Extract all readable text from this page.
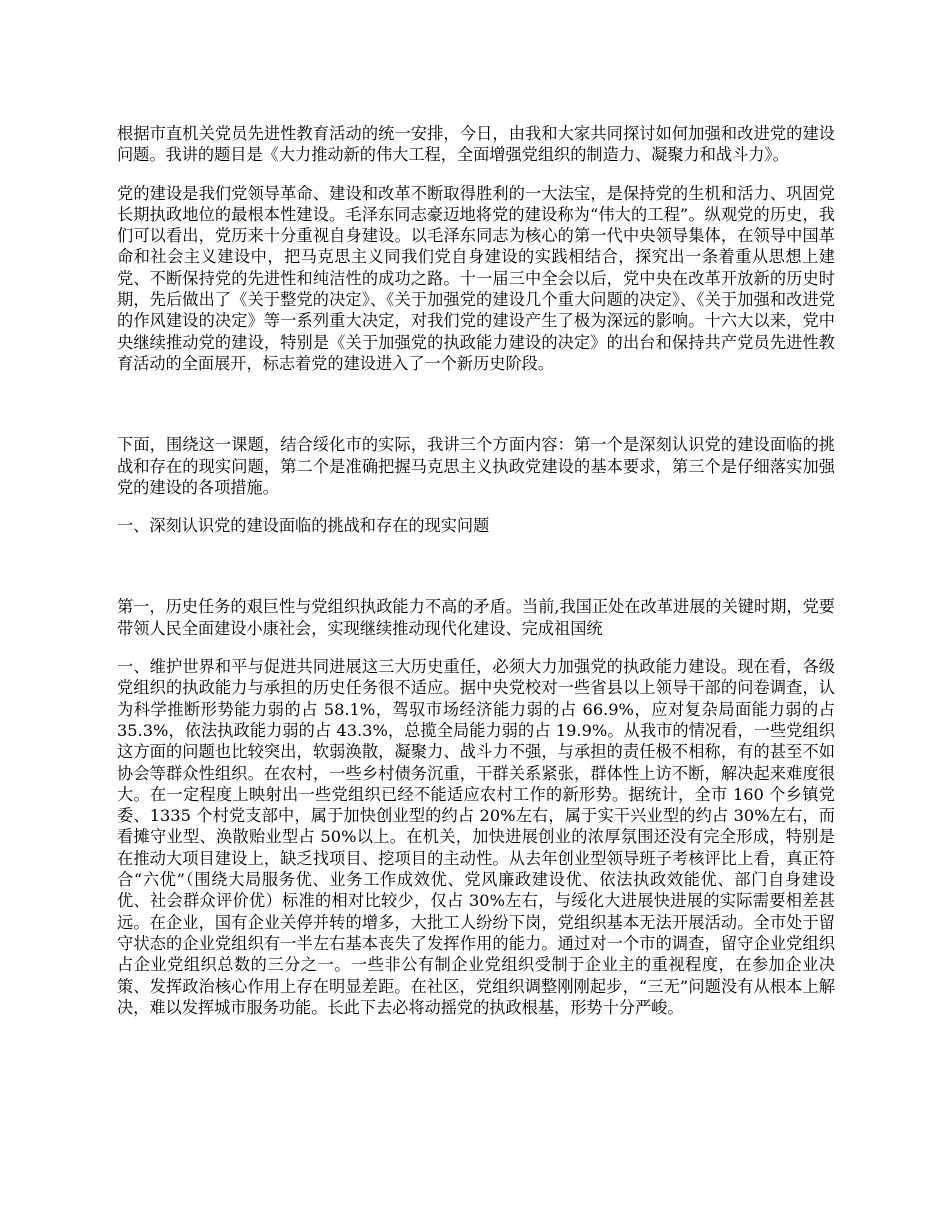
根据市直机关党员先进性教育活动的统一安排，今日，由我和大家共同探讨如何加强和改进党的建设问题。我讲的题目是《大力推动新的伟大工程，全面增强党组织的制造力、凝聚力和战斗力》。

党的建设是我们党领导革命、建设和改革不断取得胜利的一大法宝，是保持党的生机和活力、巩固党长期执政地位的最根本性建设。毛泽东同志豪迈地将党的建设称为“伟大的工程”。纵观党的历史，我们可以看出，党历来十分重视自身建设。以毛泽东同志为核心的第一代中央领导集体，在领导中国革命和社会主义建设中，把马克思主义同我们党自身建设的实践相结合，探究出一条着重从思想上建党、不断保持党的先进性和纯洁性的成功之路。十一届三中全会以后，党中央在改革开放新的历史时期，先后做出了《关于整党的决定》、《关于加强党的建设几个重大问题的决定》、《关于加强和改进党的作风建设的决定》等一系列重大决定，对我们党的建设产生了极为深远的影响。十六大以来，党中央继续推动党的建设，特别是《关于加强党的执政能力建设的决定》的出台和保持共产党员先进性教育活动的全面展开，标志着党的建设进入了一个新历史阶段。

下面，围绕这一课题，结合绥化市的实际，我讲三个方面内容：第一个是深刻认识党的建设面临的挑战和存在的现实问题，第二个是准确把握马克思主义执政党建设的基本要求，第三个是仔细落实加强党的建设的各项措施。

一、深刻认识党的建设面临的挑战和存在的现实问题

第一，历史任务的艰巨性与党组织执政能力不高的矛盾。当前,我国正处在改革进展的关键时期，党要带领人民全面建设小康社会，实现继续推动现代化建设、完成祖国统

一、维护世界和平与促进共同进展这三大历史重任，必须大力加强党的执政能力建设。现在看，各级党组织的执政能力与承担的历史任务很不适应。据中央党校对一些省县以上领导干部的问卷调查，认为科学推断形势能力弱的占 58.1%，驾驭市场经济能力弱的占 66.9%，应对复杂局面能力弱的占 35.3%，依法执政能力弱的占 43.3%，总揽全局能力弱的占 19.9%。从我市的情况看，一些党组织这方面的问题也比较突出，软弱涣散，凝聚力、战斗力不强，与承担的责任极不相称，有的甚至不如协会等群众性组织。在农村，一些乡村债务沉重，干群关系紧张，群体性上访不断，解决起来难度很大。在一定程度上映射出一些党组织已经不能适应农村工作的新形势。据统计，全市 160 个乡镇党委、1335 个村党支部中，属于加快创业型的约占 20%左右，属于实干兴业型的约占 30%左右，而看摊守业型、涣散贻业型占 50%以上。在机关，加快进展创业的浓厚氛围还没有完全形成，特别是在推动大项目建设上，缺乏找项目、挖项目的主动性。从去年创业型领导班子考核评比上看，真正符合“六优”（围绕大局服务优、业务工作成效优、党风廉政建设优、依法执政效能优、部门自身建设优、社会群众评价优）标准的相对比较少，仅占 30%左右，与绥化大进展快进展的实际需要相差甚远。在企业，国有企业关停并转的增多，大批工人纷纷下岗，党组织基本无法开展活动。全市处于留守状态的企业党组织有一半左右基本丧失了发挥作用的能力。通过对一个市的调查，留守企业党组织占企业党组织总数的三分之一。一些非公有制企业党组织受制于企业主的重视程度，在参加企业决策、发挥政治核心作用上存在明显差距。在社区，党组织调整刚刚起步，“三无”问题没有从根本上解决，难以发挥城市服务功能。长此下去必将动摇党的执政根基，形势十分严峻。
